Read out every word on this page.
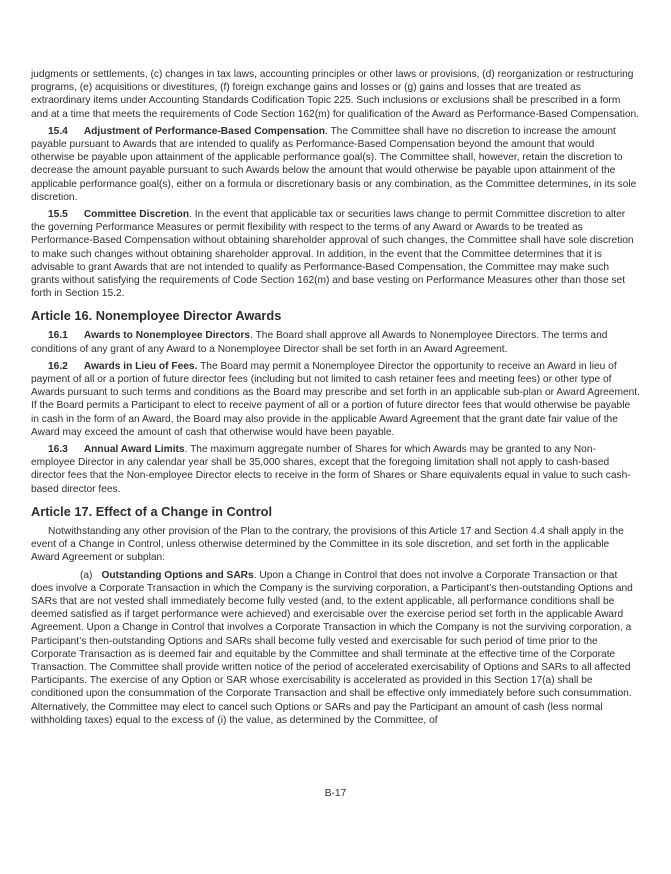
judgments or settlements, (c) changes in tax laws, accounting principles or other laws or provisions, (d) reorganization or restructuring programs, (e) acquisitions or divestitures, (f) foreign exchange gains and losses or (g) gains and losses that are treated as extraordinary items under Accounting Standards Codification Topic 225. Such inclusions or exclusions shall be prescribed in a form and at a time that meets the requirements of Code Section 162(m) for qualification of the Award as Performance-Based Compensation.

15.4 Adjustment of Performance-Based Compensation. The Committee shall have no discretion to increase the amount payable pursuant to Awards that are intended to qualify as Performance-Based Compensation beyond the amount that would otherwise be payable upon attainment of the applicable performance goal(s). The Committee shall, however, retain the discretion to decrease the amount payable pursuant to such Awards below the amount that would otherwise be payable upon attainment of the applicable performance goal(s), either on a formula or discretionary basis or any combination, as the Committee determines, in its sole discretion.

15.5 Committee Discretion. In the event that applicable tax or securities laws change to permit Committee discretion to alter the governing Performance Measures or permit flexibility with respect to the terms of any Award or Awards to be treated as Performance-Based Compensation without obtaining shareholder approval of such changes, the Committee shall have sole discretion to make such changes without obtaining shareholder approval. In addition, in the event that the Committee determines that it is advisable to grant Awards that are not intended to qualify as Performance-Based Compensation, the Committee may make such grants without satisfying the requirements of Code Section 162(m) and base vesting on Performance Measures other than those set forth in Section 15.2.

Article 16. Nonemployee Director Awards

16.1 Awards to Nonemployee Directors. The Board shall approve all Awards to Nonemployee Directors. The terms and conditions of any grant of any Award to a Nonemployee Director shall be set forth in an Award Agreement.

16.2 Awards in Lieu of Fees. The Board may permit a Nonemployee Director the opportunity to receive an Award in lieu of payment of all or a portion of future director fees (including but not limited to cash retainer fees and meeting fees) or other type of Awards pursuant to such terms and conditions as the Board may prescribe and set forth in an applicable sub-plan or Award Agreement. If the Board permits a Participant to elect to receive payment of all or a portion of future director fees that would otherwise be payable in cash in the form of an Award, the Board may also provide in the applicable Award Agreement that the grant date fair value of the Award may exceed the amount of cash that otherwise would have been payable.

16.3 Annual Award Limits. The maximum aggregate number of Shares for which Awards may be granted to any Non-employee Director in any calendar year shall be 35,000 shares, except that the foregoing limitation shall not apply to cash-based director fees that the Non-employee Director elects to receive in the form of Shares or Share equivalents equal in value to such cash-based director fees.

Article 17. Effect of a Change in Control

Notwithstanding any other provision of the Plan to the contrary, the provisions of this Article 17 and Section 4.4 shall apply in the event of a Change in Control, unless otherwise determined by the Committee in its sole discretion, and set forth in the applicable Award Agreement or subplan:

(a) Outstanding Options and SARs. Upon a Change in Control that does not involve a Corporate Transaction or that does involve a Corporate Transaction in which the Company is the surviving corporation, a Participant’s then-outstanding Options and SARs that are not vested shall immediately become fully vested (and, to the extent applicable, all performance conditions shall be deemed satisfied as if target performance were achieved) and exercisable over the exercise period set forth in the applicable Award Agreement. Upon a Change in Control that involves a Corporate Transaction in which the Company is not the surviving corporation, a Participant’s then-outstanding Options and SARs shall become fully vested and exercisable for such period of time prior to the Corporate Transaction as is deemed fair and equitable by the Committee and shall terminate at the effective time of the Corporate Transaction. The Committee shall provide written notice of the period of accelerated exercisability of Options and SARs to all affected Participants. The exercise of any Option or SAR whose exercisability is accelerated as provided in this Section 17(a) shall be conditioned upon the consummation of the Corporate Transaction and shall be effective only immediately before such consummation. Alternatively, the Committee may elect to cancel such Options or SARs and pay the Participant an amount of cash (less normal withholding taxes) equal to the excess of (i) the value, as determined by the Committee, of

B-17
